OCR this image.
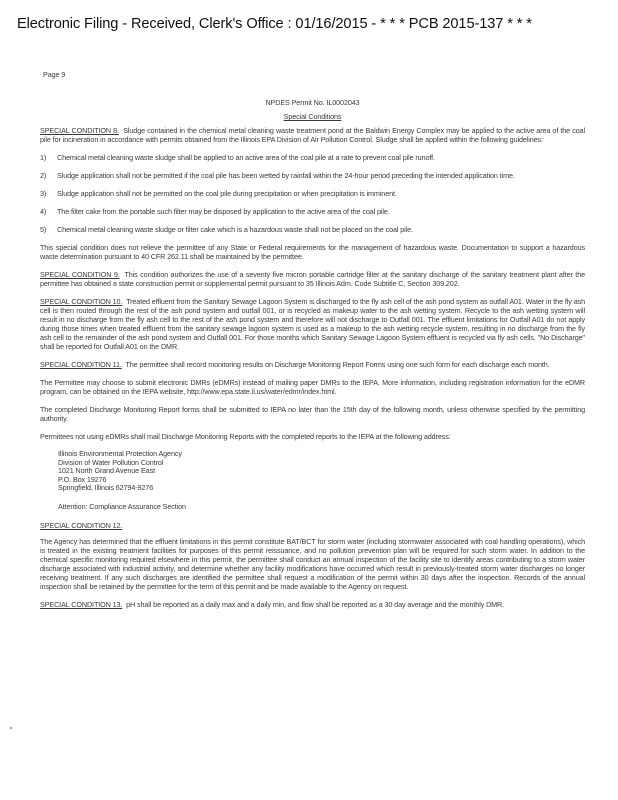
Electronic Filing - Received, Clerk's Office : 01/16/2015 - * * * PCB 2015-137 * * *
Page 9
NPDES Permit No. IL0002043
Special Conditions

SPECIAL CONDITION 8. Sludge contained in the chemical metal cleaning waste treatment pond at the Baldwin Energy Complex may be applied to the active area of the coal pile for incineration in accordance with permits obtained from the Illinois EPA Division of Air Pollution Control. Sludge shall be applied within the following guidelines:

1)	Chemical metal cleaning waste sludge shall be applied to an active area of the coal pile at a rate to prevent coal pile runoff.
2)	Sludge application shall not be permitted if the coal pile has been wetted by rainfall within the 24-hour period preceding the intended application time.
3)	Sludge application shall not be permitted on the coal pile during precipitation or when precipitation is imminent.
4)	The filter cake from the portable such filter may be disposed by application to the active area of the coal pile.
5)	Chemical metal cleaning waste sludge or filter cake which is a hazardous waste shall not be placed on the coal pile.

This special condition does not relieve the permittee of any State or Federal requirements for the management of hazardous waste. Documentation to support a hazardous waste determination pursuant to 40 CFR 262.11 shall be maintained by the permittee.

SPECIAL CONDITION 9. This condition authorizes the use of a seventy five micron portable cartridge filter at the sanitary discharge of the sanitary treatment plant after the permittee has obtained a state construction permit or supplemental permit pursuant to 35 Illinois Adm. Code Subtitle C, Section 309.202.

SPECIAL CONDITION 10. Treated effluent from the Sanitary Sewage Lagoon System is discharged to the fly ash cell of the ash pond system as outfall A01. Water in the fly ash cell is then routed through the rest of the ash pond system and outfall 001, or is recycled as makeup water to the ash wetting system. Recycle to the ash wetting system will result in no discharge from the fly ash cell to the rest of the ash pond system and therefore will not discharge to Outfall 001. The effluent limitations for Outfall A01 do not apply during those times when treated effluent from the sanitary sewage lagoon system is used as a makeup to the ash wetting recycle system, resulting in no discharge from the fly ash cell to the remainder of the ash pond system and Outfall 001. For those months which Sanitary Sewage Lagoon System effluent is recycled via fly ash cells, "No Discharge" shall be reported for Outfall A01 on the DMR.

SPECIAL CONDITION 11. The permittee shall record monitoring results on Discharge Monitoring Report Forms using one such form for each discharge each month.

The Permittee may choose to submit electronic DMRs (eDMRs) instead of mailing paper DMRs to the IEPA. More information, including registration information for the eDMR program, can be obtained on the IEPA website, http://www.epa.state.il.us/water/edmr/index.html.

The completed Discharge Monitoring Report forms shall be submitted to IEPA no later than the 15th day of the following month, unless otherwise specified by the permitting authority.

Permittees not using eDMRs shall mail Discharge Monitoring Reports with the completed reports to the IEPA at the following address:

Illinois Environmental Protection Agency
Division of Water Pollution Control
1021 North Grand Avenue East
P.O. Box 19276
Springfield, Illinois 62794-9276
Attention: Compliance Assurance Section

SPECIAL CONDITION 12.

The Agency has determined that the effluent limitations in this permit constitute BAT/BCT for storm water (including stormwater associated with coal handling operations), which is treated in the existing treatment facilities for purposes of this permit reissuance, and no pollution prevention plan will be required for such storm water. In addition to the chemical specific monitoring required elsewhere in this permit, the permittee shall conduct an annual inspection of the facility site to identify areas contributing to a storm water discharge associated with industrial activity, and determine whether any facility modifications have occurred which result in previously-treated storm water discharges no longer receiving treatment. If any such discharges are identified the permittee shall request a modification of the permit within 30 days after the inspection. Records of the annual inspection shall be retained by the permittee for the term of this permit and be made available to the Agency on request.

SPECIAL CONDITION 13. pH shall be reported as a daily max and a daily min, and flow shall be reported as a 30 day average and the monthly DMR.
